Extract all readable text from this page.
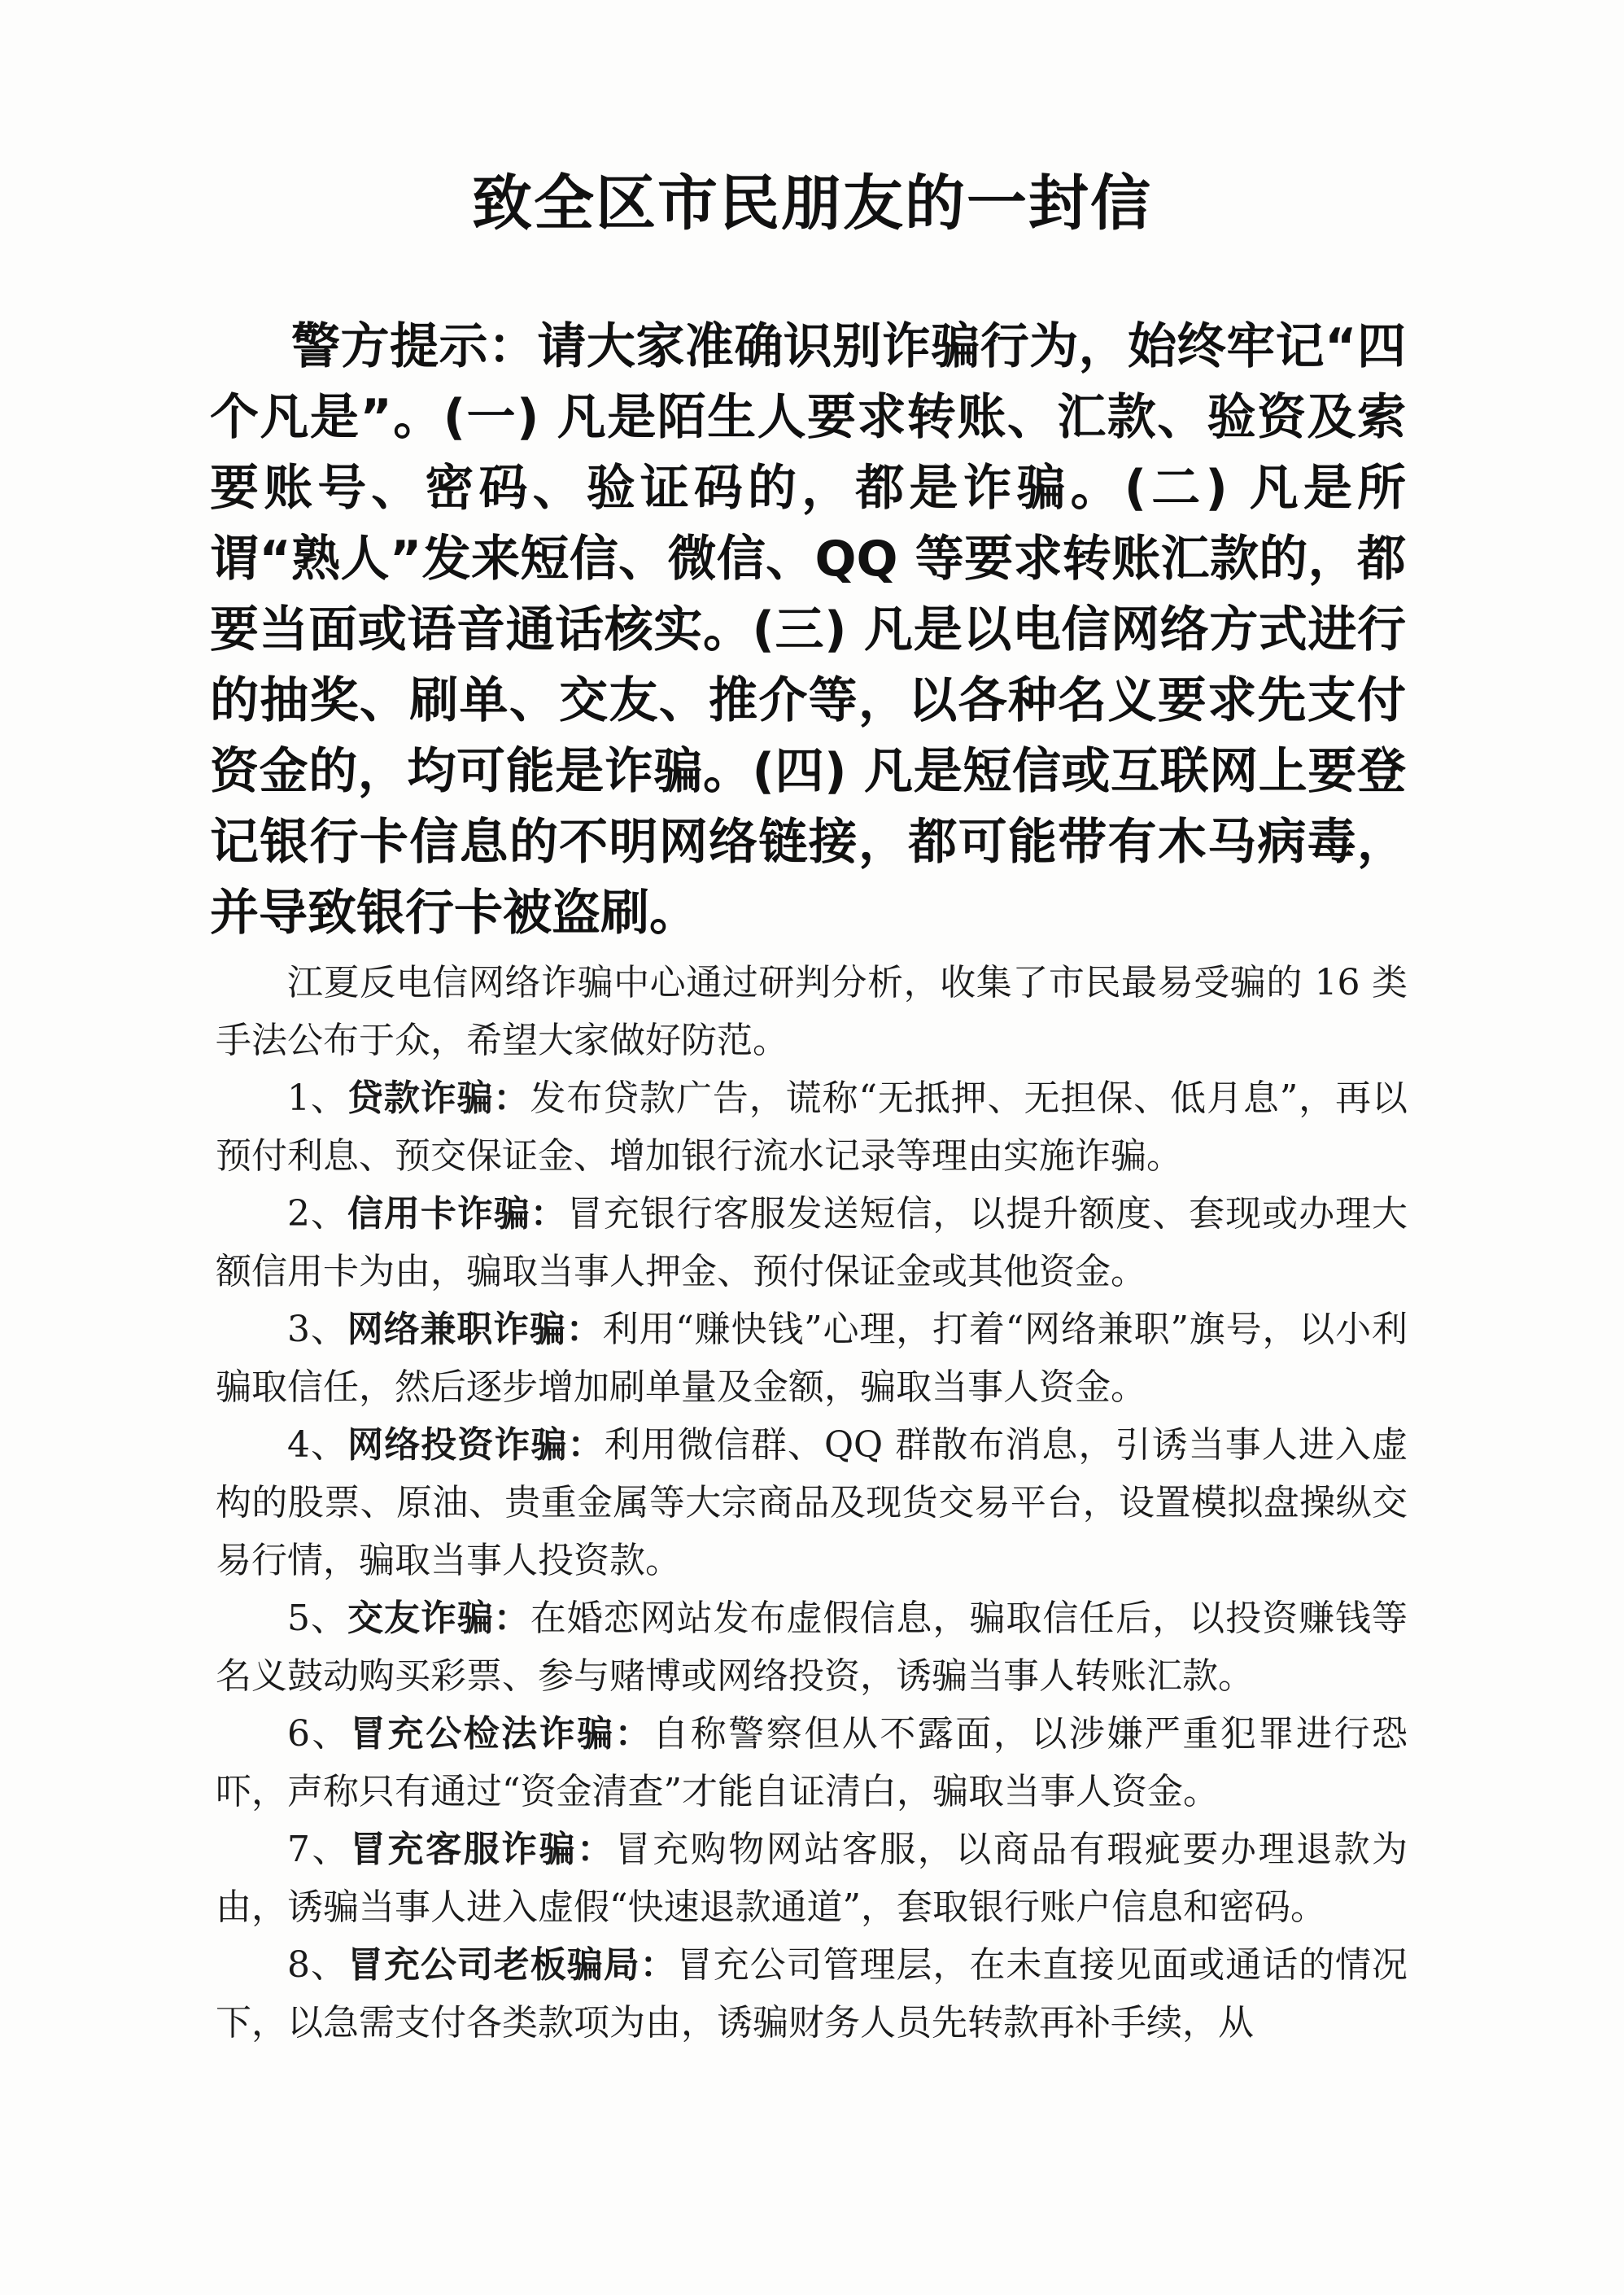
致全区市民朋友的一封信

警方提示：请大家准确识别诈骗行为，始终牢记“四个凡是”。(一) 凡是陌生人要求转账、汇款、验资及索要账号、密码、验证码的，都是诈骗。(二) 凡是所谓“熟人”发来短信、微信、QQ 等要求转账汇款的，都要当面或语音通话核实。(三) 凡是以电信网络方式进行的抽奖、刷单、交友、推介等，以各种名义要求先支付资金的，均可能是诈骗。(四) 凡是短信或互联网上要登记银行卡信息的不明网络链接，都可能带有木马病毒，并导致银行卡被盗刷。

江夏反电信网络诈骗中心通过研判分析，收集了市民最易受骗的 16 类手法公布于众，希望大家做好防范。

1、贷款诈骗：发布贷款广告，谎称“无抵押、无担保、低月息”，再以预付利息、预交保证金、增加银行流水记录等理由实施诈骗。

2、信用卡诈骗：冒充银行客服发送短信，以提升额度、套现或办理大额信用卡为由，骗取当事人押金、预付保证金或其他资金。

3、网络兼职诈骗：利用“赚快钱”心理，打着“网络兼职”旗号，以小利骗取信任，然后逐步增加刷单量及金额，骗取当事人资金。

4、网络投资诈骗：利用微信群、QQ 群散布消息，引诱当事人进入虚构的股票、原油、贵重金属等大宗商品及现货交易平台，设置模拟盘操纵交易行情，骗取当事人投资款。

5、交友诈骗：在婚恋网站发布虚假信息，骗取信任后，以投资赚钱等名义鼓动购买彩票、参与赌博或网络投资，诱骗当事人转账汇款。

6、冒充公检法诈骗：自称警察但从不露面，以涉嫌严重犯罪进行恐吓，声称只有通过“资金清查”才能自证清白，骗取当事人资金。

7、冒充客服诈骗：冒充购物网站客服，以商品有瑕疵要办理退款为由，诱骗当事人进入虚假“快速退款通道”，套取银行账户信息和密码。

8、冒充公司老板骗局：冒充公司管理层，在未直接见面或通话的情况下，以急需支付各类款项为由，诱骗财务人员先转款再补手续，从
